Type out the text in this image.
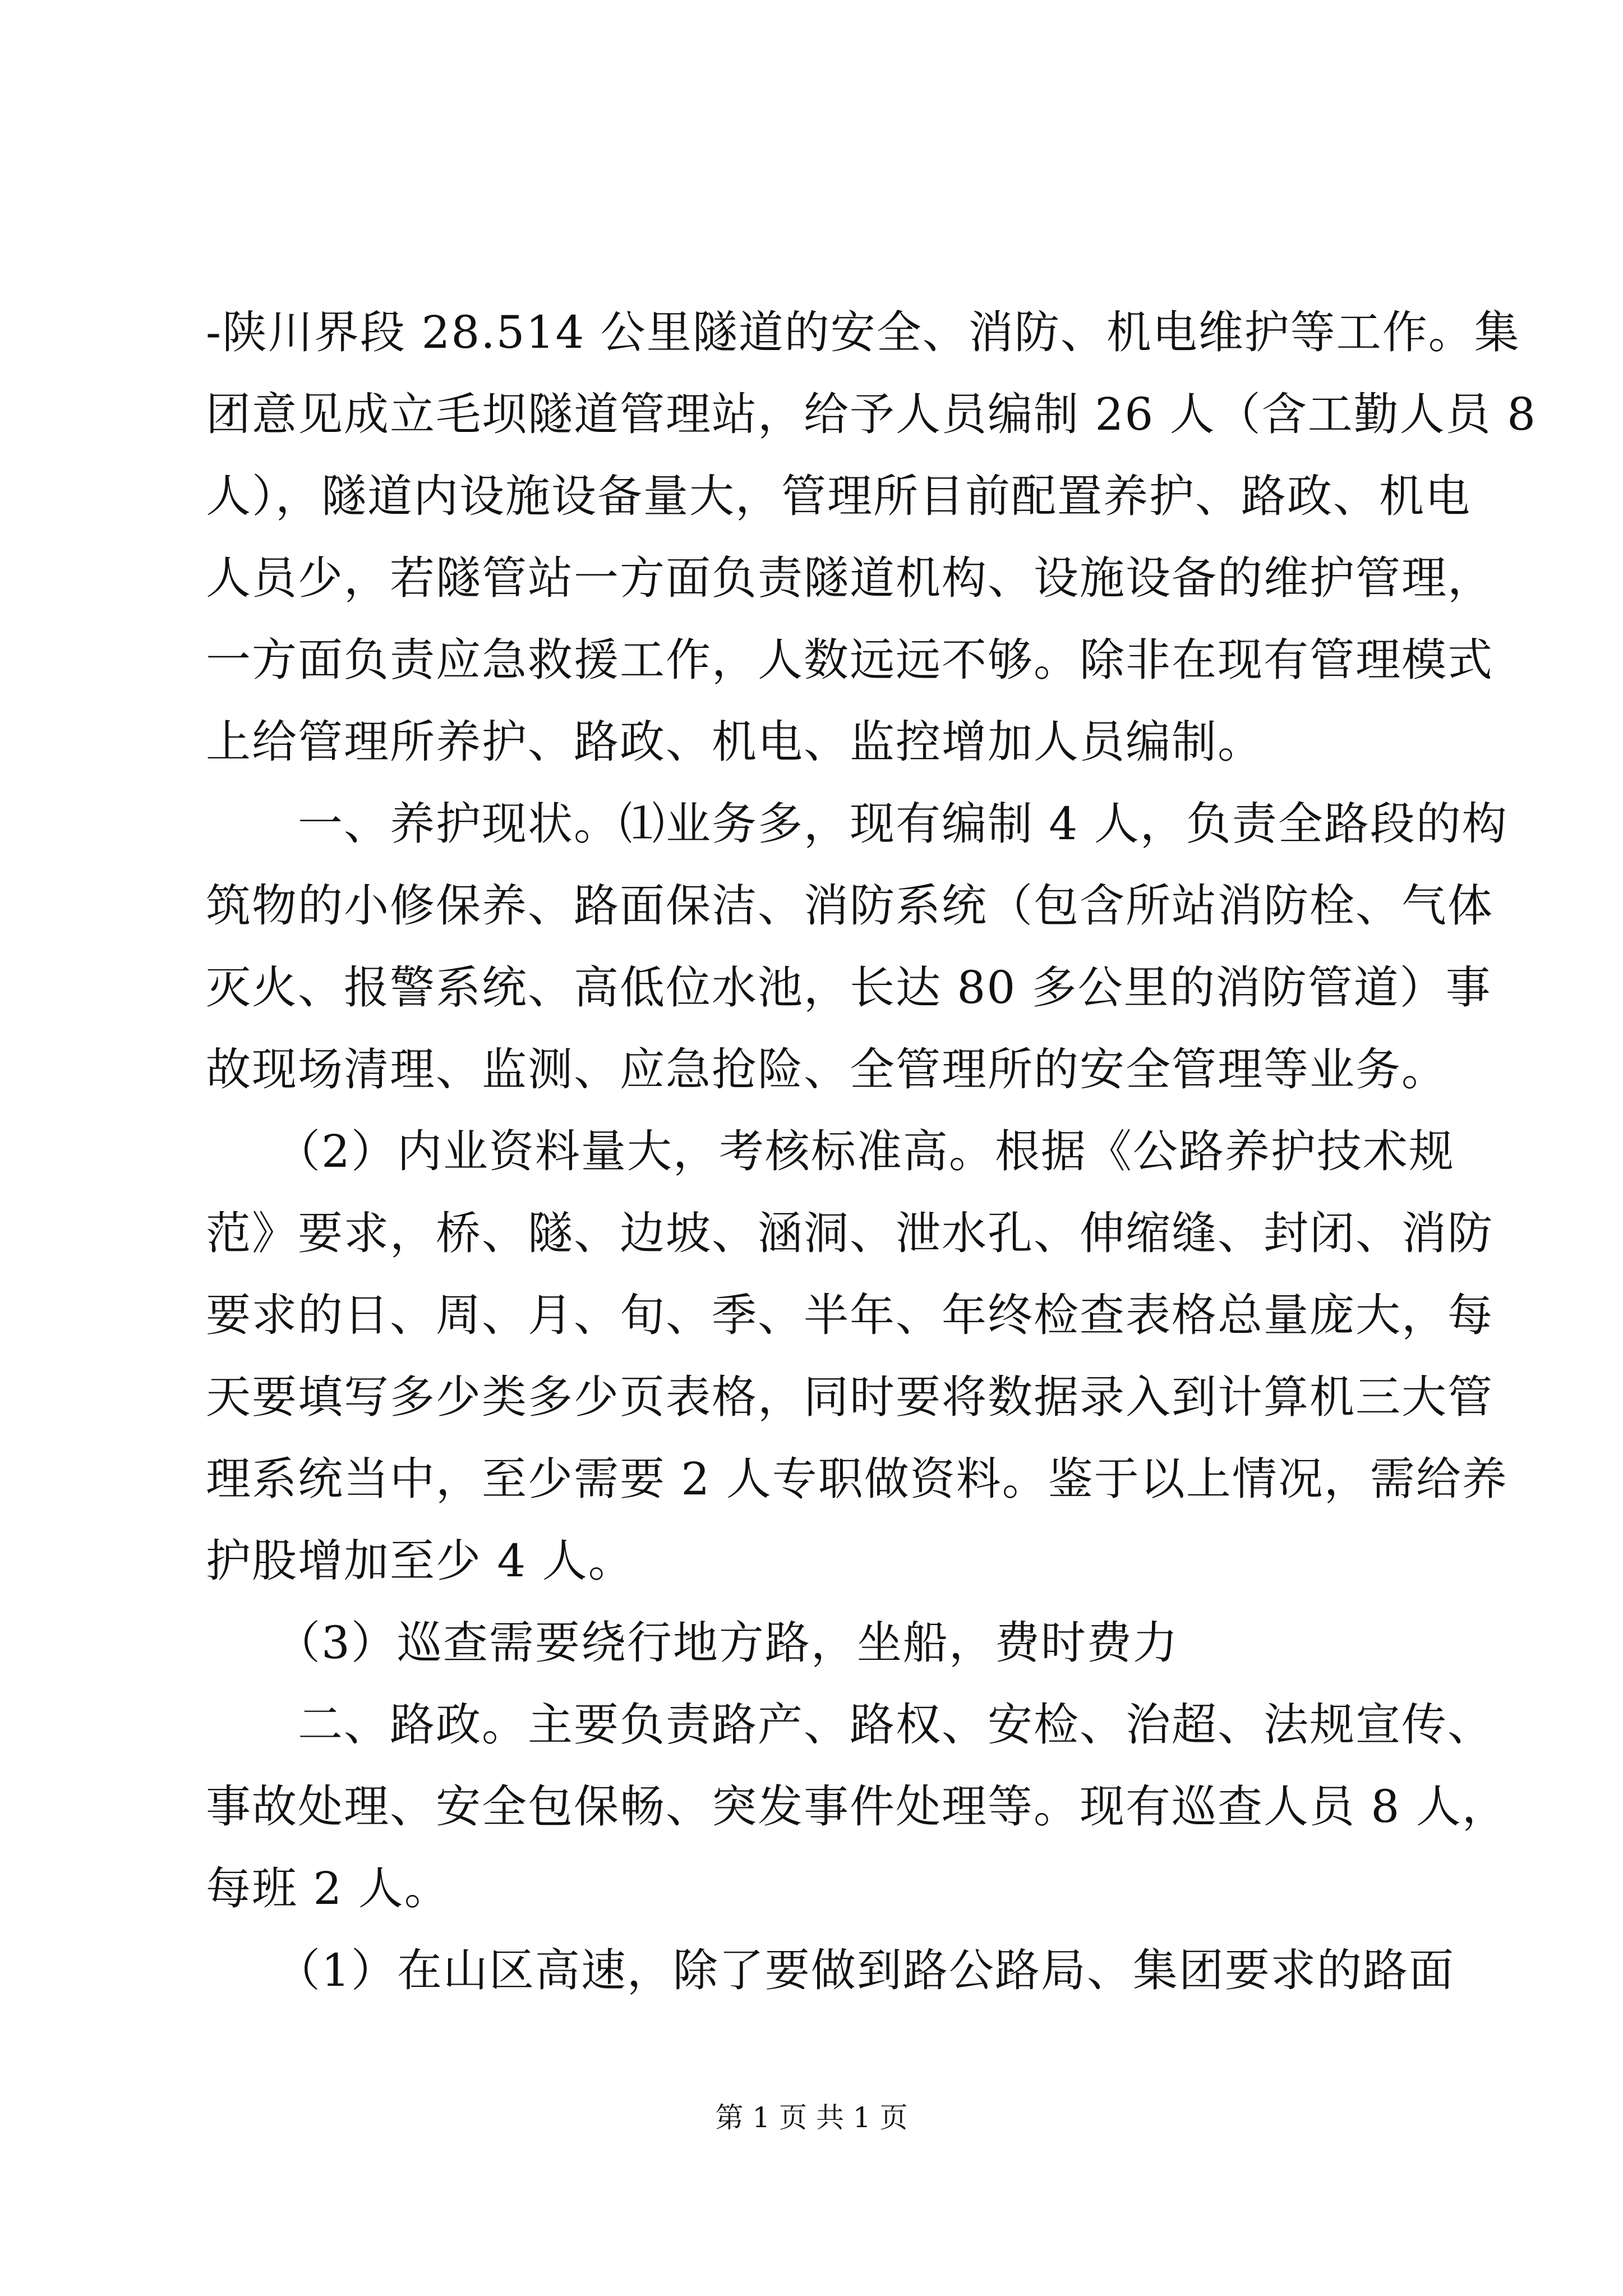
-陕川界段 28.514 公里隧道的安全、消防、机电维护等工作。集
团意见成立毛坝隧道管理站，给予人员编制 26 人（含工勤人员 8
人），隧道内设施设备量大，管理所目前配置养护、路政、机电
人员少，若隧管站一方面负责隧道机构、设施设备的维护管理，
一方面负责应急救援工作，人数远远不够。除非在现有管理模式
上给管理所养护、路政、机电、监控增加人员编制。
　　一、养护现状。⑴业务多，现有编制 4 人，负责全路段的构
筑物的小修保养、路面保洁、消防系统（包含所站消防栓、气体
灭火、报警系统、高低位水池，长达 80 多公里的消防管道）事
故现场清理、监测、应急抢险、全管理所的安全管理等业务。
　　（2）内业资料量大，考核标准高。根据《公路养护技术规
范》要求，桥、隧、边坡、涵洞、泄水孔、伸缩缝、封闭、消防
要求的日、周、月、旬、季、半年、年终检查表格总量庞大，每
天要填写多少类多少页表格，同时要将数据录入到计算机三大管
理系统当中，至少需要 2 人专职做资料。鉴于以上情况，需给养
护股增加至少 4 人。
　　（3）巡查需要绕行地方路，坐船，费时费力
　　二、路政。主要负责路产、路权、安检、治超、法规宣传、
事故处理、安全包保畅、突发事件处理等。现有巡查人员 8 人，
每班 2 人。
　　（1）在山区高速，除了要做到路公路局、集团要求的路面
第 1 页 共 1 页
